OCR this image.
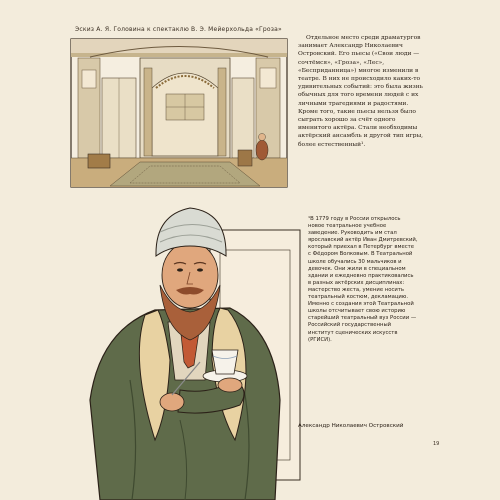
Эскиз А. Я. Головина к спектаклю В. Э. Мейерхольда «Гроза»

Отдельное место среди драматургов занимает Александр Николаевич Островский. Его пьесы («Свои люди — сочтёмся», «Гроза», «Лес», «Бесприданница») многое изменили в театре. В них не происходило каких-то удивительных событий: это была жизнь обычных для того времени людей с их личными трагедиями и радостями. Кроме того, такие пьесы нельзя было сыграть хорошо за счёт одного именитого актёра. Стали необходимы актёрский ансамбль и другой тип игры, более естественный¹.

¹В 1779 году в России открылось новое театральное учебное заведение. Руководить им стал ярославский актёр Иван Дмитревский, который приехал в Петербург вместе с Фёдором Волковым. В Театральной школе обучались 30 мальчиков и девочек. Они жили в специальном здании и ежедневно практиковались в разных актёрских дисциплинах: мастерство жеста, умение носить театральный костюм, декламацию. Именно с создания этой Театральной школы отсчитывает свою историю старейший театральный вуз России — Российский государственный институт сценических искусств (РГИСИ).

Александр Николаевич Островский
19
